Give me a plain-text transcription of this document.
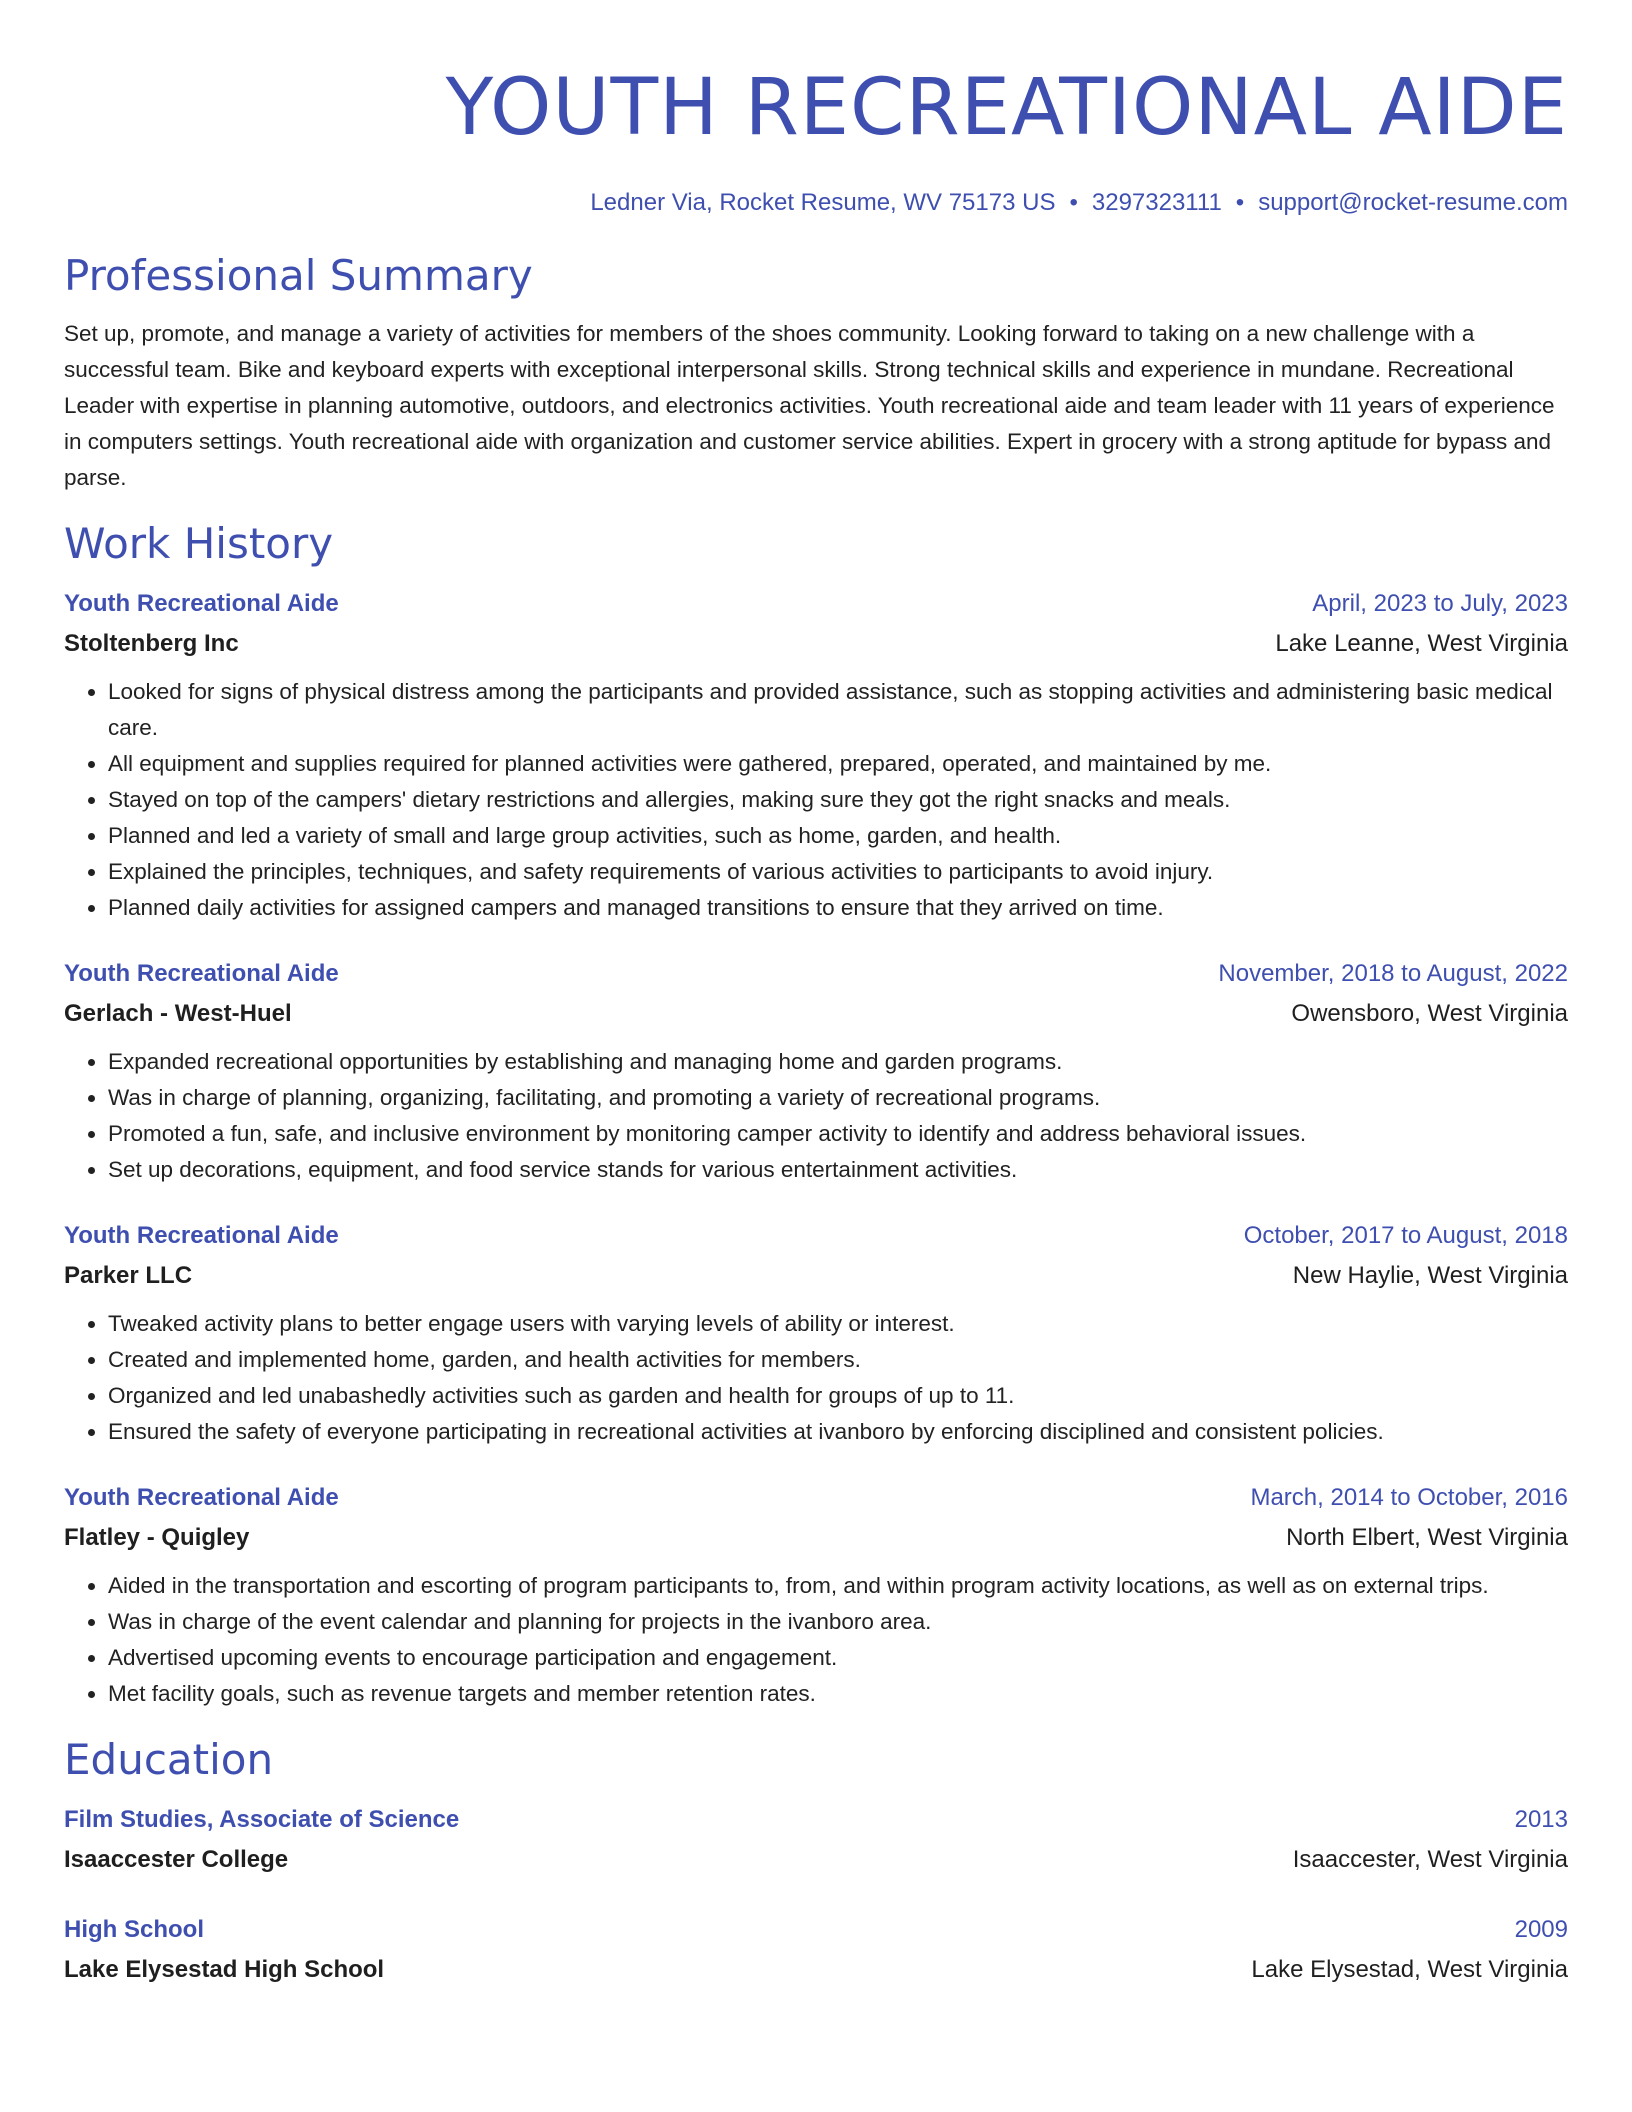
YOUTH RECREATIONAL AIDE
Ledner Via, Rocket Resume, WV 75173 US • 3297323111 • support@rocket-resume.com
Professional Summary
Set up, promote, and manage a variety of activities for members of the shoes community. Looking forward to taking on a new challenge with a successful team. Bike and keyboard experts with exceptional interpersonal skills. Strong technical skills and experience in mundane. Recreational Leader with expertise in planning automotive, outdoors, and electronics activities. Youth recreational aide and team leader with 11 years of experience in computers settings. Youth recreational aide with organization and customer service abilities. Expert in grocery with a strong aptitude for bypass and parse.
Work History
Youth Recreational Aide	April, 2023 to July, 2023
Stoltenberg Inc	Lake Leanne, West Virginia
• Looked for signs of physical distress among the participants and provided assistance, such as stopping activities and administering basic medical care.
• All equipment and supplies required for planned activities were gathered, prepared, operated, and maintained by me.
• Stayed on top of the campers' dietary restrictions and allergies, making sure they got the right snacks and meals.
• Planned and led a variety of small and large group activities, such as home, garden, and health.
• Explained the principles, techniques, and safety requirements of various activities to participants to avoid injury.
• Planned daily activities for assigned campers and managed transitions to ensure that they arrived on time.
Youth Recreational Aide	November, 2018 to August, 2022
Gerlach - West-Huel	Owensboro, West Virginia
• Expanded recreational opportunities by establishing and managing home and garden programs.
• Was in charge of planning, organizing, facilitating, and promoting a variety of recreational programs.
• Promoted a fun, safe, and inclusive environment by monitoring camper activity to identify and address behavioral issues.
• Set up decorations, equipment, and food service stands for various entertainment activities.
Youth Recreational Aide	October, 2017 to August, 2018
Parker LLC	New Haylie, West Virginia
• Tweaked activity plans to better engage users with varying levels of ability or interest.
• Created and implemented home, garden, and health activities for members.
• Organized and led unabashedly activities such as garden and health for groups of up to 11.
• Ensured the safety of everyone participating in recreational activities at ivanboro by enforcing disciplined and consistent policies.
Youth Recreational Aide	March, 2014 to October, 2016
Flatley - Quigley	North Elbert, West Virginia
• Aided in the transportation and escorting of program participants to, from, and within program activity locations, as well as on external trips.
• Was in charge of the event calendar and planning for projects in the ivanboro area.
• Advertised upcoming events to encourage participation and engagement.
• Met facility goals, such as revenue targets and member retention rates.
Education
Film Studies, Associate of Science	2013
Isaaccester College	Isaaccester, West Virginia
High School	2009
Lake Elysestad High School	Lake Elysestad, West Virginia
